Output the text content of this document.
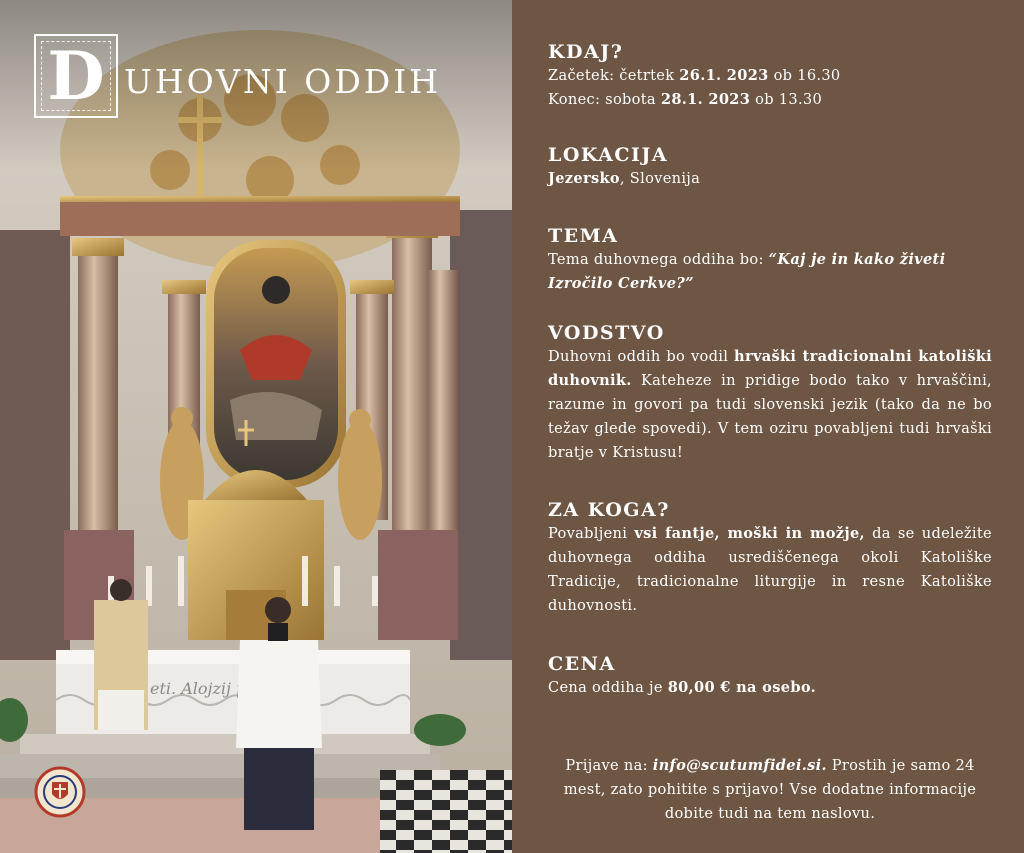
D UHOVNI ODDIH
KDAJ?

Začetek: četrtek 26.1. 2023 ob 16.30

Konec: sobota 28.1. 2023 ob 13.30

LOKACIJA

Jezersko, Slovenija

TEMA

Tema duhovnega oddiha bo: “Kaj je in kako živeti Izročilo Cerkve?”

VODSTVO

Duhovni oddih bo vodil hrvaški tradicionalni katoliški duhovnik. Kateheze in pridige bodo tako v hrvaščini, razume in govori pa tudi slovenski jezik (tako da ne bo težav glede spovedi). V tem oziru povabljeni tudi hrvaški bratje v Kristusu!

ZA KOGA?

Povabljeni vsi fantje, moški in možje, da se udeležite duhovnega oddiha usrediščenega okoli Katoliške Tradicije, tradicionalne liturgije in resne Katoliške duhovnosti.

CENA

Cena oddiha je 80,00 € na osebo.

Prijave na: info@scutumfidei.si. Prostih je samo 24 mest, zato pohitite s prijavo! Vse dodatne informacije dobite tudi na tem naslovu.
